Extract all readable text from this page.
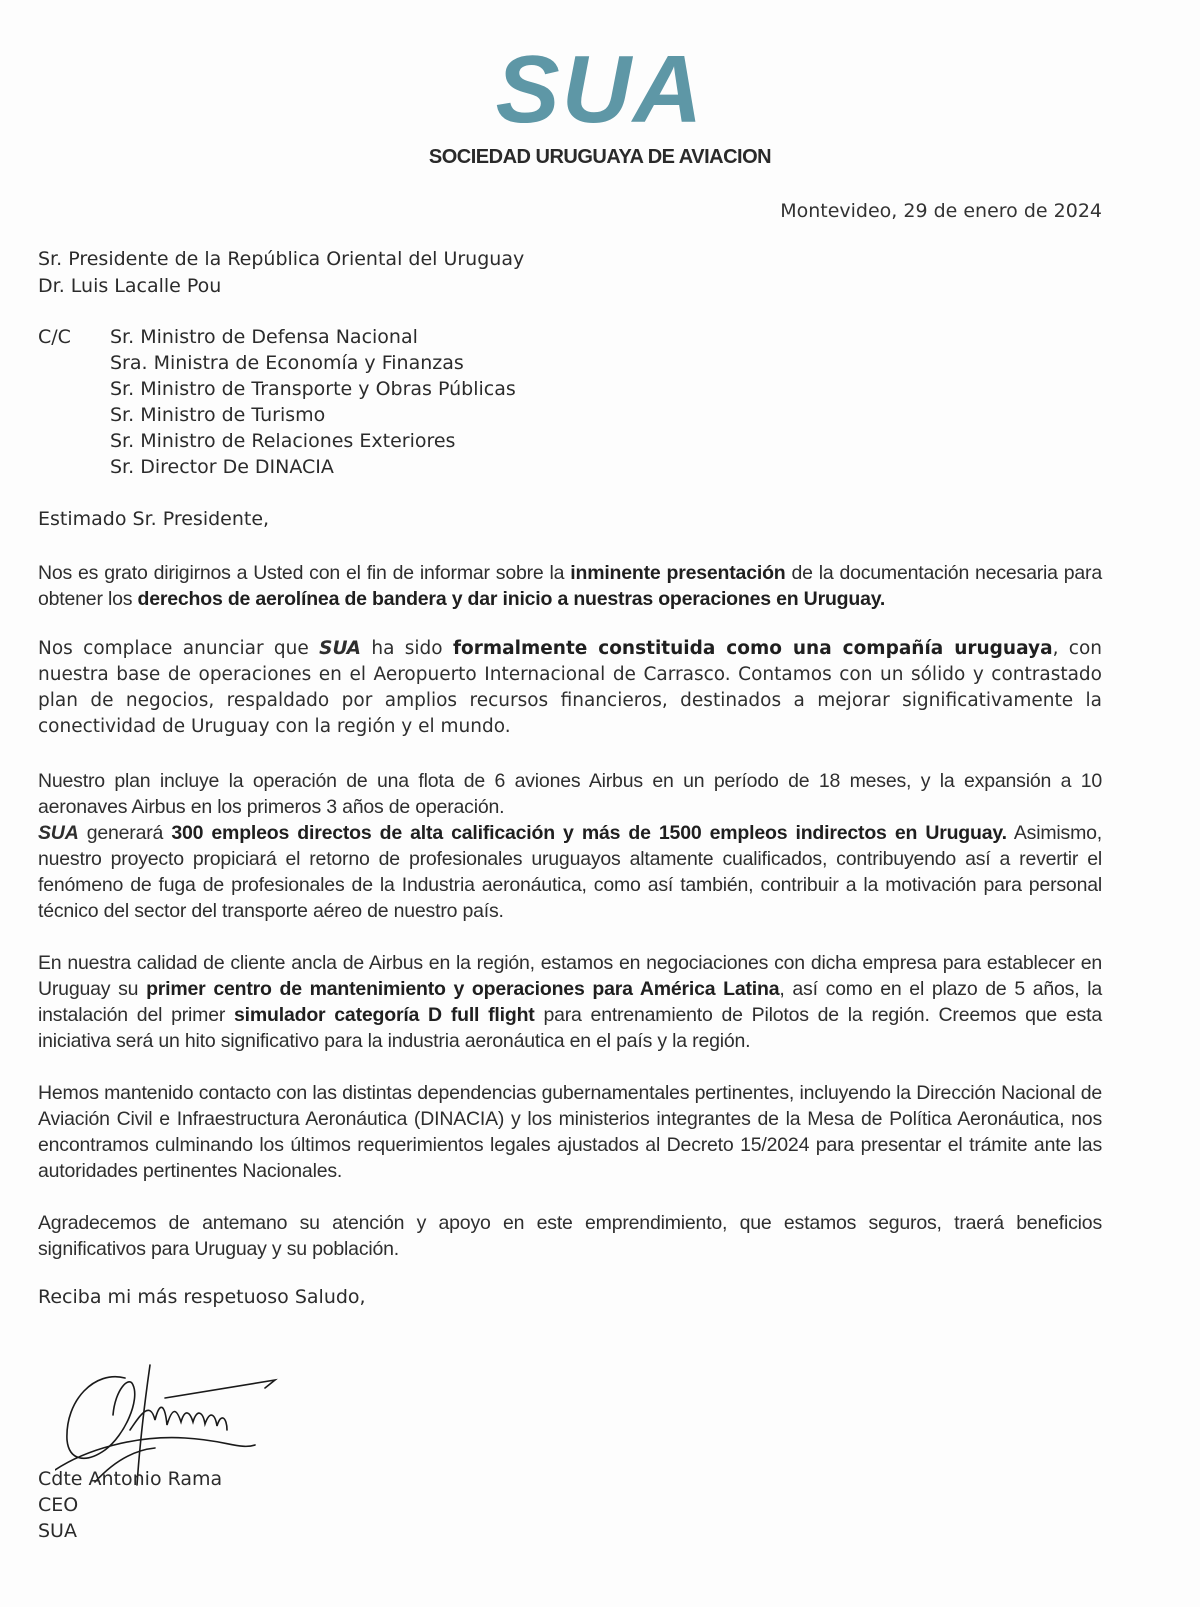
SUA
SOCIEDAD URUGUAYA DE AVIACION
Montevideo, 29 de enero de 2024
Sr. Presidente de la República Oriental del Uruguay
Dr. Luis Lacalle Pou
C/C	Sr. Ministro de Defensa Nacional
Sra. Ministra de Economía y Finanzas
Sr. Ministro de Transporte y Obras Públicas
Sr. Ministro de Turismo
Sr. Ministro de Relaciones Exteriores
Sr. Director De DINACIA
Estimado Sr. Presidente,
Nos es grato dirigirnos a Usted con el fin de informar sobre la inminente presentación de la documentación necesaria para obtener los derechos de aerolínea de bandera y dar inicio a nuestras operaciones en Uruguay.
Nos complace anunciar que SUA ha sido formalmente constituida como una compañía uruguaya, con nuestra base de operaciones en el Aeropuerto Internacional de Carrasco. Contamos con un sólido y contrastado plan de negocios, respaldado por amplios recursos financieros, destinados a mejorar significativamente la conectividad de Uruguay con la región y el mundo.
Nuestro plan incluye la operación de una flota de 6 aviones Airbus en un período de 18 meses, y la expansión a 10 aeronaves Airbus en los primeros 3 años de operación.
SUA generará 300 empleos directos de alta calificación y más de 1500 empleos indirectos en Uruguay. Asimismo, nuestro proyecto propiciará el retorno de profesionales uruguayos altamente cualificados, contribuyendo así a revertir el fenómeno de fuga de profesionales de la Industria aeronáutica, como así también, contribuir a la motivación para personal técnico del sector del transporte aéreo de nuestro país.
En nuestra calidad de cliente ancla de Airbus en la región, estamos en negociaciones con dicha empresa para establecer en Uruguay su primer centro de mantenimiento y operaciones para América Latina, así como en el plazo de 5 años, la instalación del primer simulador categoría D full flight para entrenamiento de Pilotos de la región. Creemos que esta iniciativa será un hito significativo para la industria aeronáutica en el país y la región.
Hemos mantenido contacto con las distintas dependencias gubernamentales pertinentes, incluyendo la Dirección Nacional de Aviación Civil e Infraestructura Aeronáutica (DINACIA) y los ministerios integrantes de la Mesa de Política Aeronáutica, nos encontramos culminando los últimos requerimientos legales ajustados al Decreto 15/2024 para presentar el trámite ante las autoridades pertinentes Nacionales.
Agradecemos de antemano su atención y apoyo en este emprendimiento, que estamos seguros, traerá beneficios significativos para Uruguay y su población.
Reciba mi más respetuoso Saludo,
Cdte Antonio Rama
CEO
SUA
